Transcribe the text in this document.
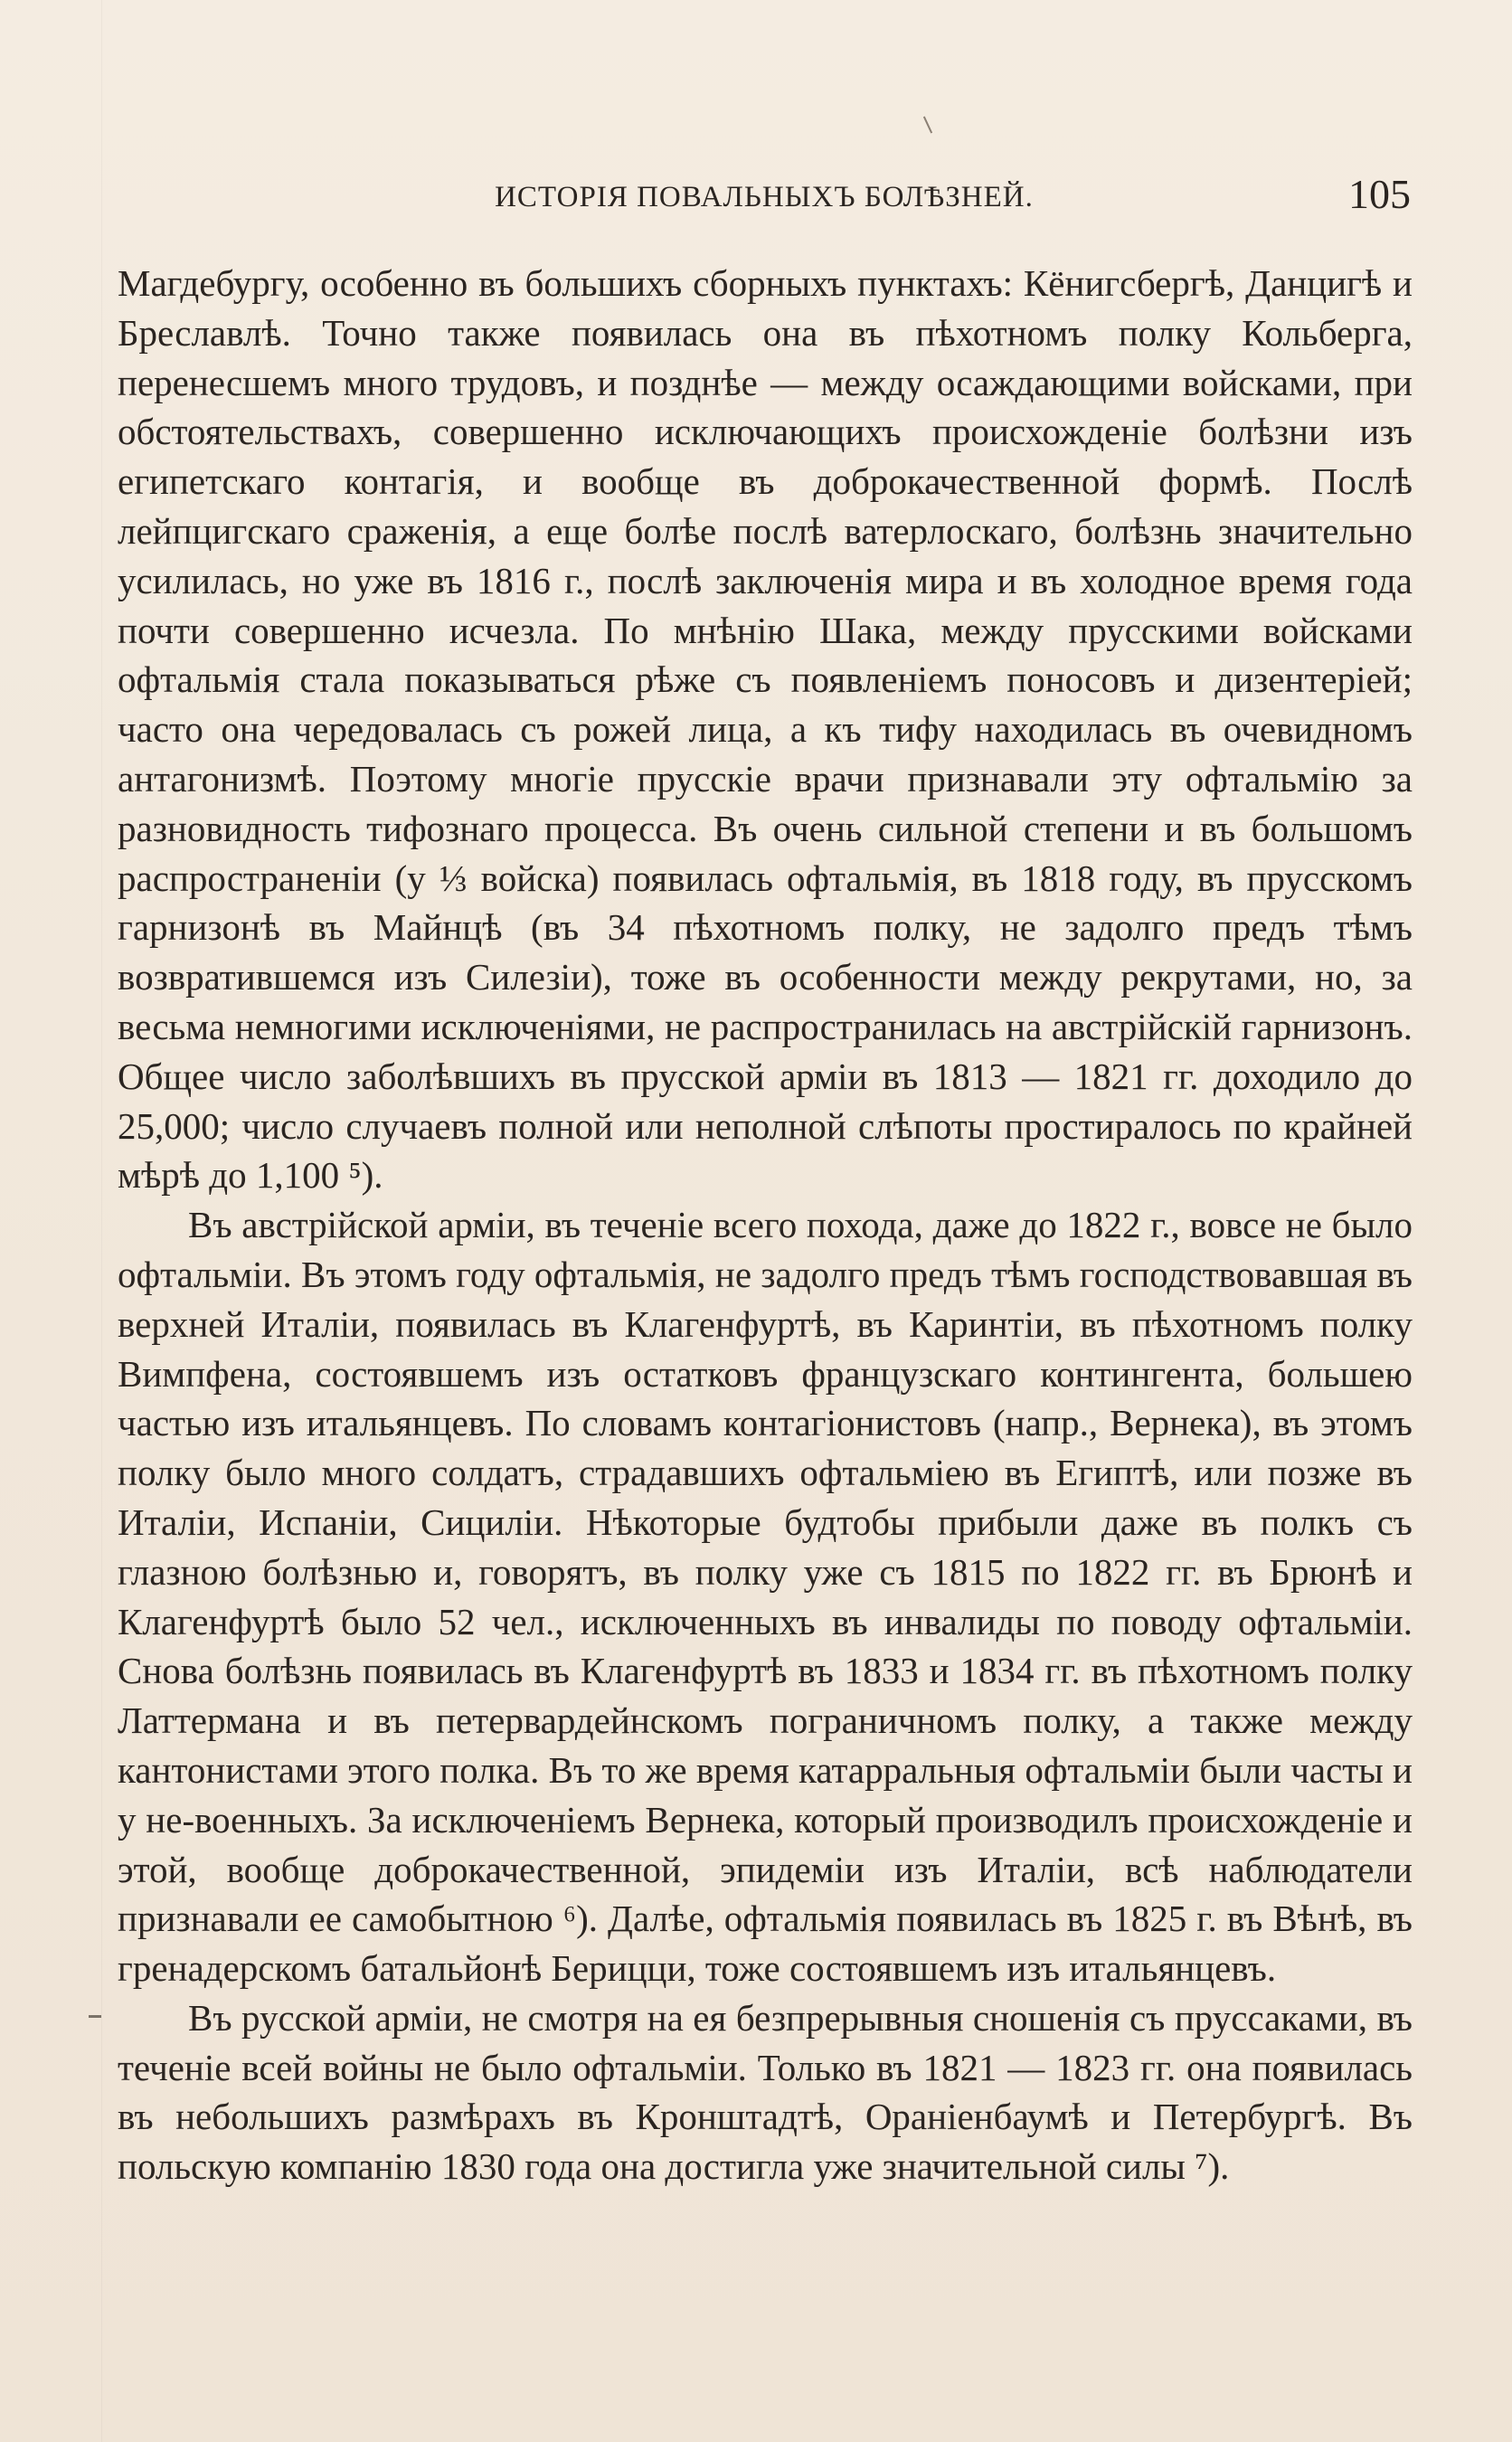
ИСТОРІЯ ПОВАЛЬНЫХЪ БОЛѢЗНЕЙ.	105

Магдебургу, особенно въ большихъ сборныхъ пунктахъ: Кёнигсбергѣ, Данцигѣ и Бреславлѣ. Точно также появилась она въ пѣхотномъ полку Кольберга, перенесшемъ много трудовъ, и позднѣе — между осаждающими войсками, при обстоятельствахъ, совершенно исключающихъ происхожденіе болѣзни изъ египетскаго контагія, и вообще въ доброкачественной формѣ. Послѣ лейпцигскаго сраженія, а еще болѣе послѣ ватерлоскаго, болѣзнь значительно усилилась, но уже въ 1816 г., послѣ заключенія мира и въ холодное время года почти совершенно исчезла. По мнѣнію Шака, между прусскими войсками офтальмія стала показываться рѣже съ появленіемъ поносовъ и дизентеріей; часто она чередовалась съ рожей лица, а къ тифу находилась въ очевидномъ антагонизмѣ. Поэтому многіе прусскіе врачи признавали эту офтальмію за разновидность тифознаго процесса. Въ очень сильной степени и въ большомъ распространеніи (у ⅓ войска) появилась офтальмія, въ 1818 году, въ прусскомъ гарнизонѣ въ Майнцѣ (въ 34 пѣхотномъ полку, не задолго предъ тѣмъ возвратившемся изъ Силезіи), тоже въ особенности между рекрутами, но, за весьма немногими исключеніями, не распространилась на австрійскій гарнизонъ. Общее число заболѣвшихъ въ прусской арміи въ 1813 — 1821 гг. доходило до 25,000; число случаевъ полной или неполной слѣпоты простиралось по крайней мѣрѣ до 1,100 ⁵).

Въ австрійской арміи, въ теченіе всего похода, даже до 1822 г., вовсе не было офтальміи. Въ этомъ году офтальмія, не задолго предъ тѣмъ господствовавшая въ верхней Италіи, появилась въ Клагенфуртѣ, въ Каринтіи, въ пѣхотномъ полку Вимпфена, состоявшемъ изъ остатковъ французскаго контингента, большею частью изъ итальянцевъ. По словамъ контагіонистовъ (напр., Вернека), въ этомъ полку было много солдатъ, страдавшихъ офтальміею въ Египтѣ, или позже въ Италіи, Испаніи, Сициліи. Нѣкоторые будтобы прибыли даже въ полкъ съ глазною болѣзнью и, говорятъ, въ полку уже съ 1815 по 1822 гг. въ Брюнѣ и Клагенфуртѣ было 52 чел., исключенныхъ въ инвалиды по поводу офтальміи. Снова болѣзнь появилась въ Клагенфуртѣ въ 1833 и 1834 гг. въ пѣхотномъ полку Латтермана и въ петервардейнскомъ пограничномъ полку, а также между кантонистами этого полка. Въ то же время катарральныя офтальміи были часты и у не-военныхъ. За исключеніемъ Вернека, который производилъ происхожденіе и этой, вообще доброкачественной, эпидеміи изъ Италіи, всѣ наблюдатели признавали ее самобытною ⁶). Далѣе, офтальмія появилась въ 1825 г. въ Вѣнѣ, въ гренадерскомъ батальйонѣ Берицци, тоже состоявшемъ изъ итальянцевъ.

Въ русской арміи, не смотря на ея безпрерывныя сношенія съ пруссаками, въ теченіе всей войны не было офтальміи. Только въ 1821 — 1823 гг. она появилась въ небольшихъ размѣрахъ въ Кронштадтѣ, Ораніенбаумѣ и Петербургѣ. Въ польскую компанію 1830 года она достигла уже значительной силы ⁷).
